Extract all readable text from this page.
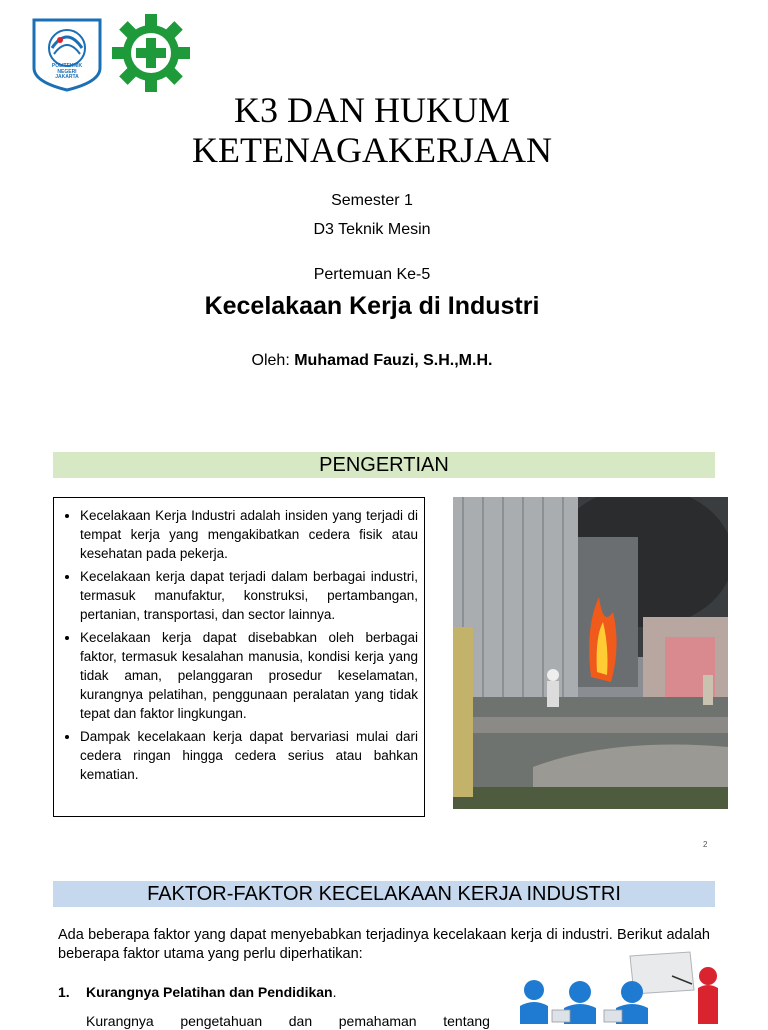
POLITEKNIK
NEGERI
JAKARTA
K3 DAN HUKUM
KETENAGAKERJAAN
Semester 1
D3 Teknik Mesin
Pertemuan Ke-5
Kecelakaan Kerja di Industri
Oleh: Muhamad Fauzi, S.H.,M.H.
PENGERTIAN
• Kecelakaan Kerja Industri adalah insiden yang terjadi di tempat kerja yang mengakibatkan cedera fisik atau kesehatan pada pekerja.
• Kecelakaan kerja dapat terjadi dalam berbagai industri, termasuk manufaktur, konstruksi, pertambangan, pertanian, transportasi, dan sector lainnya.
• Kecelakaan kerja dapat disebabkan oleh berbagai faktor, termasuk kesalahan manusia, kondisi kerja yang tidak aman, pelanggaran prosedur keselamatan, kurangnya pelatihan, penggunaan peralatan yang tidak tepat dan faktor lingkungan.
• Dampak kecelakaan kerja dapat bervariasi mulai dari cedera ringan hingga cedera serius atau bahkan kematian.
2
FAKTOR-FAKTOR KECELAKAAN KERJA INDUSTRI
Ada beberapa faktor yang dapat menyebabkan terjadinya kecelakaan kerja di industri. Berikut adalah beberapa faktor utama yang perlu diperhatikan:
1. Kurangnya Pelatihan dan Pendidikan.
Kurangnya pengetahuan dan pemahaman tentang
